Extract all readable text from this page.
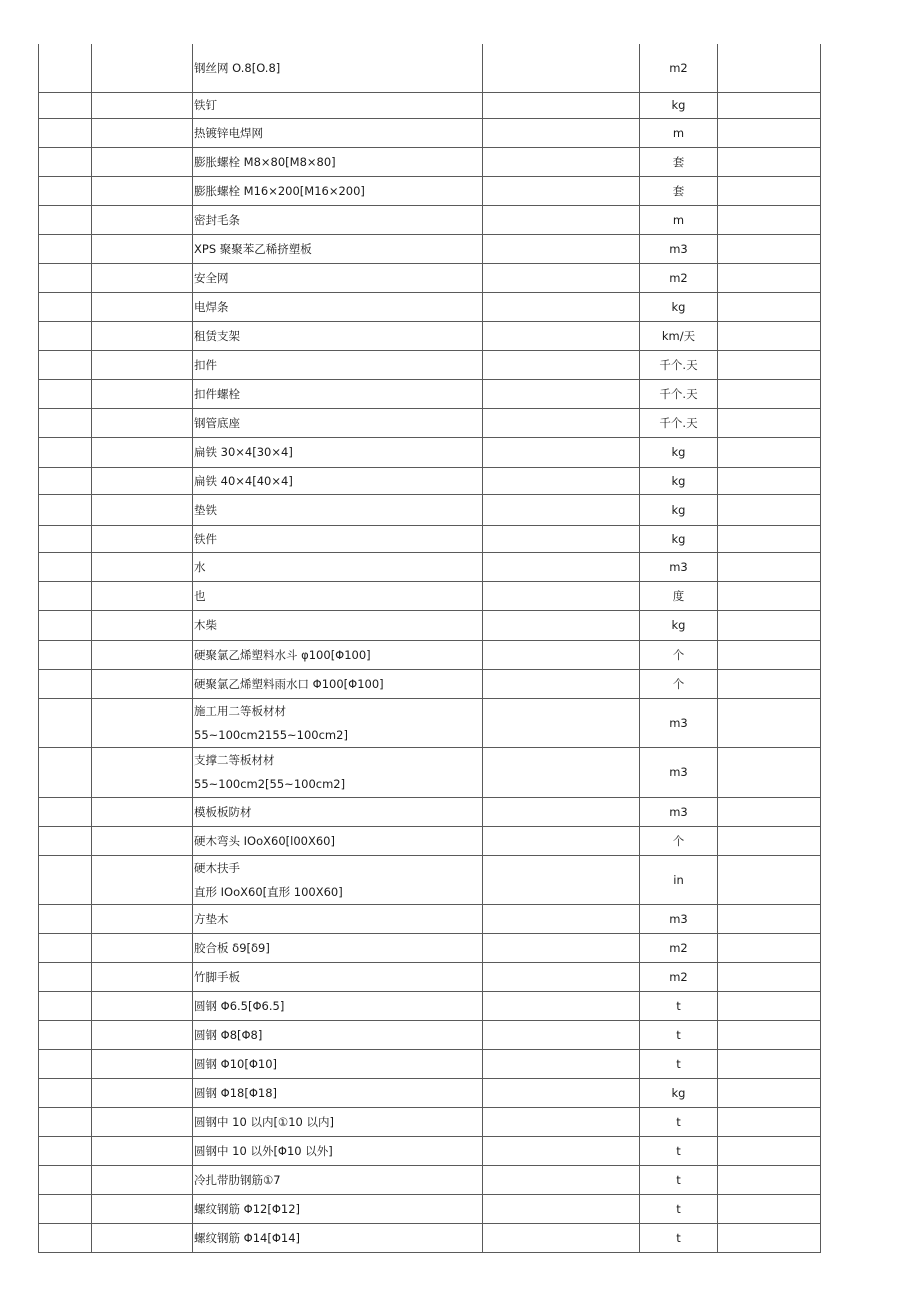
		钢丝网 O.8[O.8]		m2	

		铁钉		kg	

		热镀锌电焊网		m	

		膨胀螺栓 M8×80[M8×80]		套	

		膨胀螺栓 M16×200[M16×200]		套	

		密封毛条		m	

		XPS 聚聚苯乙稀挤塑板		m3	

		安全网		m2	

		电焊条		kg	

		租赁支架		km∕天	

		扣件		千个.天	

		扣件螺栓		千个.天	

		钢管底座		千个.天	

		扁铁 30×4[30×4]		kg	

		扁铁 40×4[40×4]		kg	

		垫铁		kg	

		铁件		kg	

		水		m3	

		也		度	

		木柴		kg	

		硬聚氯乙烯塑料水斗 φ100[Φ100]		个	

		硬聚氯乙烯塑料雨水口 Φ100[Φ100]		个	

		施工用二等板材材
55~100cm2155~100cm2]		m3	

		支撑二等板材材
55~100cm2[55~100cm2]		m3	

		模板板防材		m3	

		硬木弯头 IOoX60[l00X60]		个	

		硬木扶手
直形 IOoX60[直形 100X60]		in	

		方垫木		m3	

		胶合板 δ9[δ9]		m2	

		竹脚手板		m2	

		圆钢 Φ6.5[Φ6.5]		t	

		圆钢 Φ8[Φ8]		t	

		圆钢 Φ10[Φ10]		t	

		圆钢 Φ18[Φ18]		kg	

		圆钢中 10 以内[①10 以内]		t	

		圆钢中 10 以外[Φ10 以外]		t	

		冷扎带肋钢筋①7		t	

		螺纹钢筋 Φ12[Φ12]		t	

		螺纹钢筋 Φ14[Φ14]		t	
